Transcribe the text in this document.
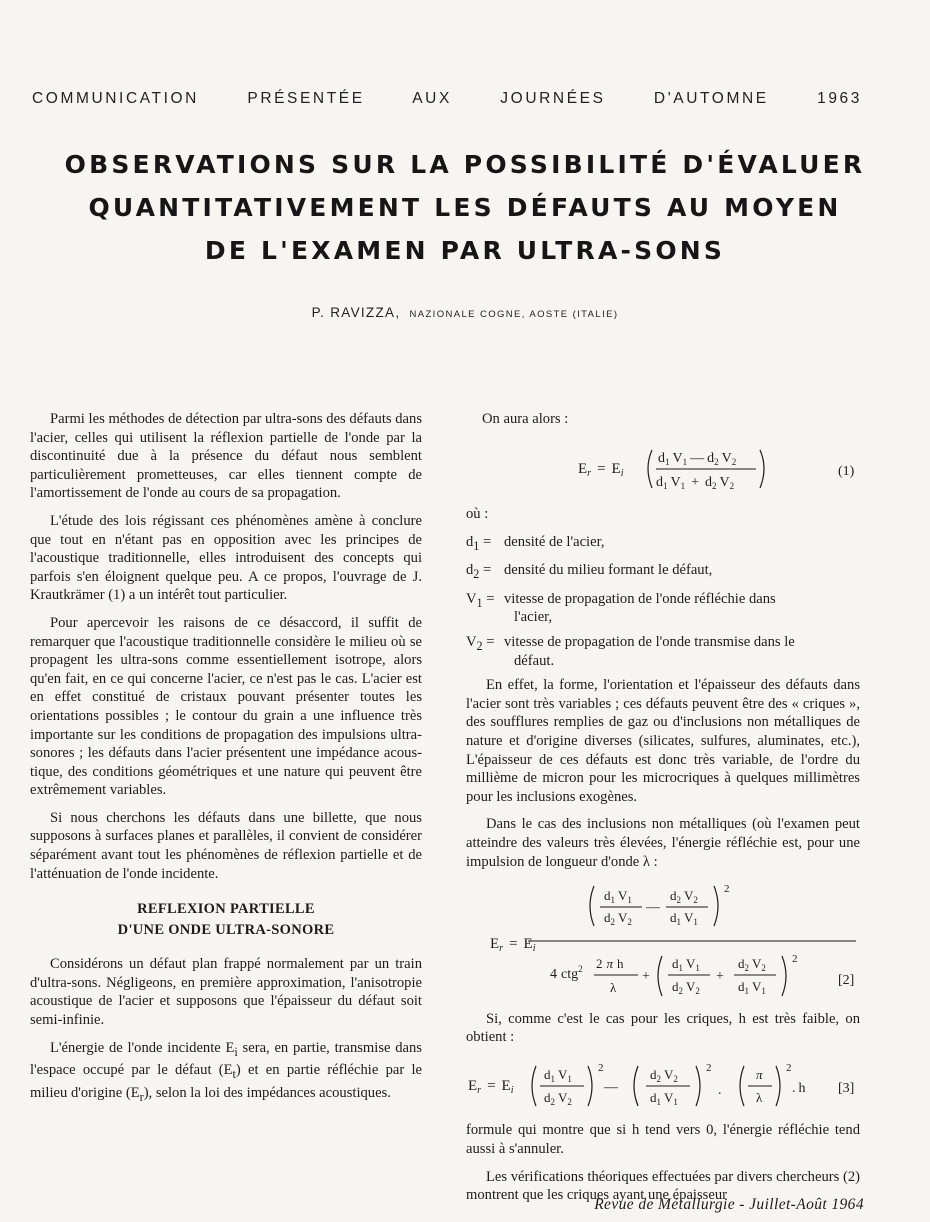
COMMUNICATION PRÉSENTÉE AUX JOURNÉES D'AUTOMNE 1963
OBSERVATIONS SUR LA POSSIBILITÉ D'ÉVALUER
QUANTITATIVEMENT LES DÉFAUTS AU MOYEN
DE L'EXAMEN PAR ULTRA-SONS
P. RAVIZZA, NAZIONALE COGNE, AOSTE (ITALIE)

Parmi les méthodes de détection par ultra-sons des défauts dans l'acier, celles qui utilisent la réflexion partielle de l'onde par la discontinuité due à la présence du défaut nous semblent particulièrement prometteuses, car elles tiennent compte de l'amortissement de l'onde au cours de sa propagation.

L'étude des lois régissant ces phénomènes amène à conclure que tout en n'étant pas en opposition avec les principes de l'acoustique traditionnelle, elles introduisent des concepts qui parfois s'en éloignent quelque peu. A ce propos, l'ouvrage de J. Krautkrämer (1) a un intérêt tout particulier.

Pour apercevoir les raisons de ce désaccord, il suffit de remarquer que l'acoustique traditionnelle considère le milieu où se propagent les ultra-sons comme essentiellement isotrope, alors qu'en fait, en ce qui concerne l'acier, ce n'est pas le cas. L'acier est en effet constitué de cristaux pouvant présenter toutes les orientations possibles ; le contour du grain a une influence très importante sur les conditions de propagation des impulsions ultra-sonores ; les défauts dans l'acier présentent une impédance acoustique, des conditions géométriques et une nature qui peuvent être extrêmement variables.

Si nous cherchons les défauts dans une billette, que nous supposons à surfaces planes et parallèles, il convient de considérer séparément avant tout les phénomènes de réflexion partielle et de l'atténuation de l'onde incidente.

REFLEXION PARTIELLE
D'UNE ONDE ULTRA-SONORE

Considérons un défaut plan frappé normalement par un train d'ultra-sons. Négligeons, en première approximation, l'anisotropie acoustique de l'acier et supposons que l'épaisseur du défaut soit semi-infinie.

L'énergie de l'onde incidente $E_i$ sera, en partie, transmise dans l'espace occupé par le défaut $(E_t)$ et en partie réfléchie par le milieu d'origine $(E_r)$, selon la loi des impédances acoustiques.

On aura alors :

$E_r = E_i$
$d_1$ $V_1$ — $d_2$ $V_2$
$d_1$ $V_1 + d_2$ $V_2$
(1)

où :

$d_1$ = densité de l'acier,
$d_2$ = densité du milieu formant le défaut,
$V_1$ = vitesse de propagation de l'onde réfléchie dans
l'acier,
$V_2$ = vitesse de propagation de l'onde transmise dans le
défaut.

En effet, la forme, l'orientation et l'épaisseur des défauts dans l'acier sont très variables ; ces défauts peuvent être des « criques », des soufflures remplies de gaz ou d'inclusions non métalliques de nature et d'origine diverses (silicates, sulfures, aluminates, etc.), L'épaisseur de ces défauts est donc très variable, de l'ordre du millième de micron pour les microcriques à quelques millimètres pour les inclusions exogènes.

Dans le cas des inclusions non métalliques (où l'examen peut atteindre des valeurs très élevées, l'énergie réfléchie est, pour une impulsion de longueur d'onde λ :

$E_r = E_i$
$d_1$ $V_1$
$d_2$ $V_2$
—
$d_2$ $V_2$
$d_1$ $V_1$
2
4 ctg$^2$ 2 π h
λ
+
$d_1$ $V_1$
$d_2$ $V_2$
+
$d_2$ $V_2$
$d_1$ $V_1$
2
[2]

Si, comme c'est le cas pour les criques, h est très faible, on obtient :

$E_r = E_i$
$d_1$ $V_1$
$d_2$ $V_2$
2
—
$d_2$ $V_2$
$d_1$ $V_1$
2
.
π
λ
2
. h [3]

formule qui montre que si h tend vers 0, l'énergie réfléchie tend aussi à s'annuler.

Les vérifications théoriques effectuées par divers chercheurs (2) montrent que les criques ayant une épaisseur

Revue de Métallurgie - Juillet-Août 1964
